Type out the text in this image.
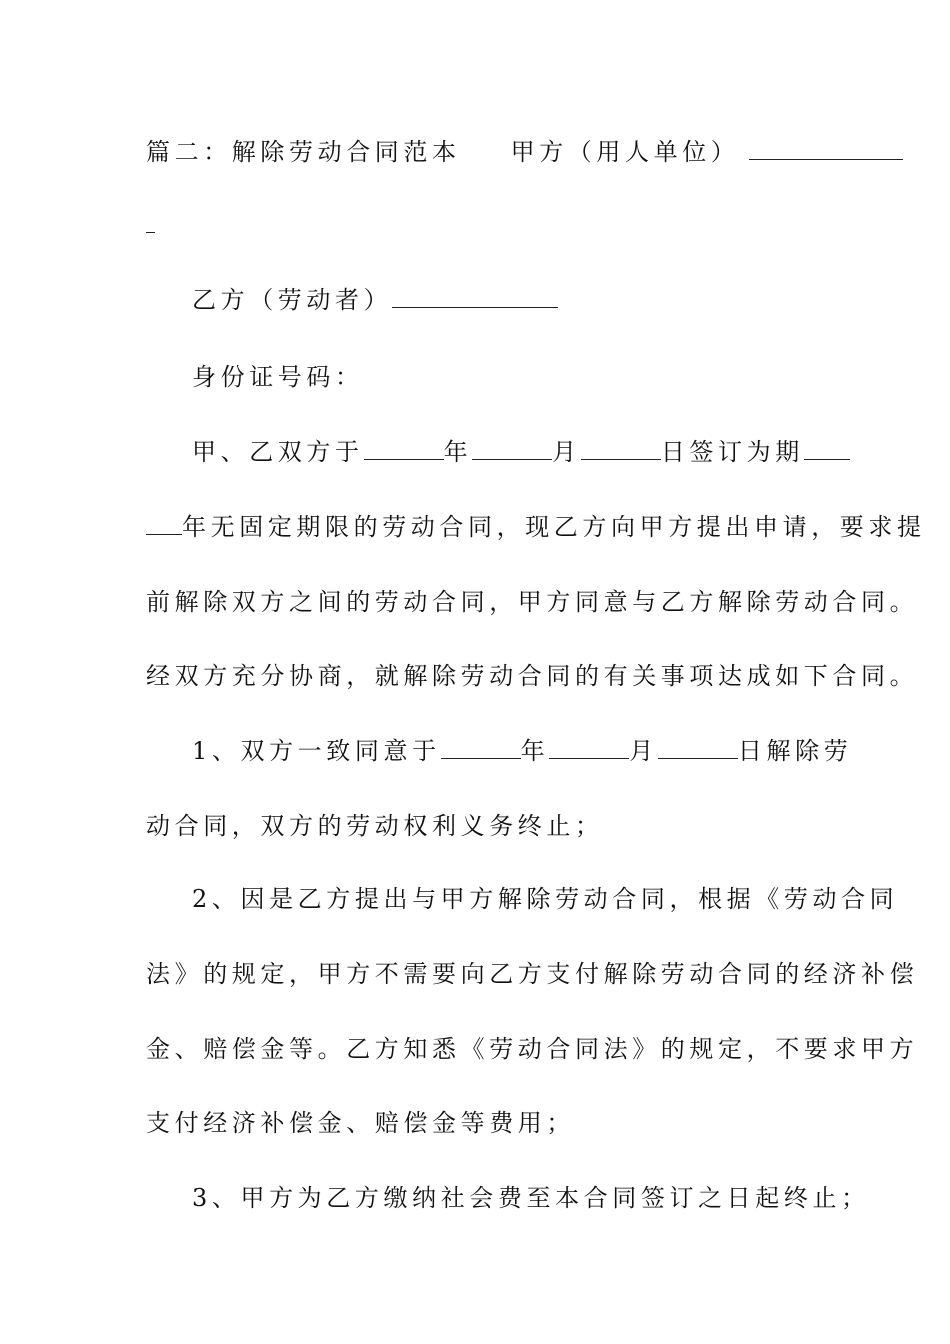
篇二：解除劳动合同范本 甲方（用人单位）
乙方（劳动者）
身份证号码：
甲、乙双方于	年	月	日签订为期
年无固定期限的劳动合同，现乙方向甲方提出申请，要求提
前解除双方之间的劳动合同，甲方同意与乙方解除劳动合同。
经双方充分协商，就解除劳动合同的有关事项达成如下合同。
1、双方一致同意于	年	月	日解除劳
动合同，双方的劳动权利义务终止；
2、因是乙方提出与甲方解除劳动合同，根据《劳动合同
法》的规定，甲方不需要向乙方支付解除劳动合同的经济补偿
金、赔偿金等。乙方知悉《劳动合同法》的规定，不要求甲方
支付经济补偿金、赔偿金等费用；
3、甲方为乙方缴纳社会费至本合同签订之日起终止；
